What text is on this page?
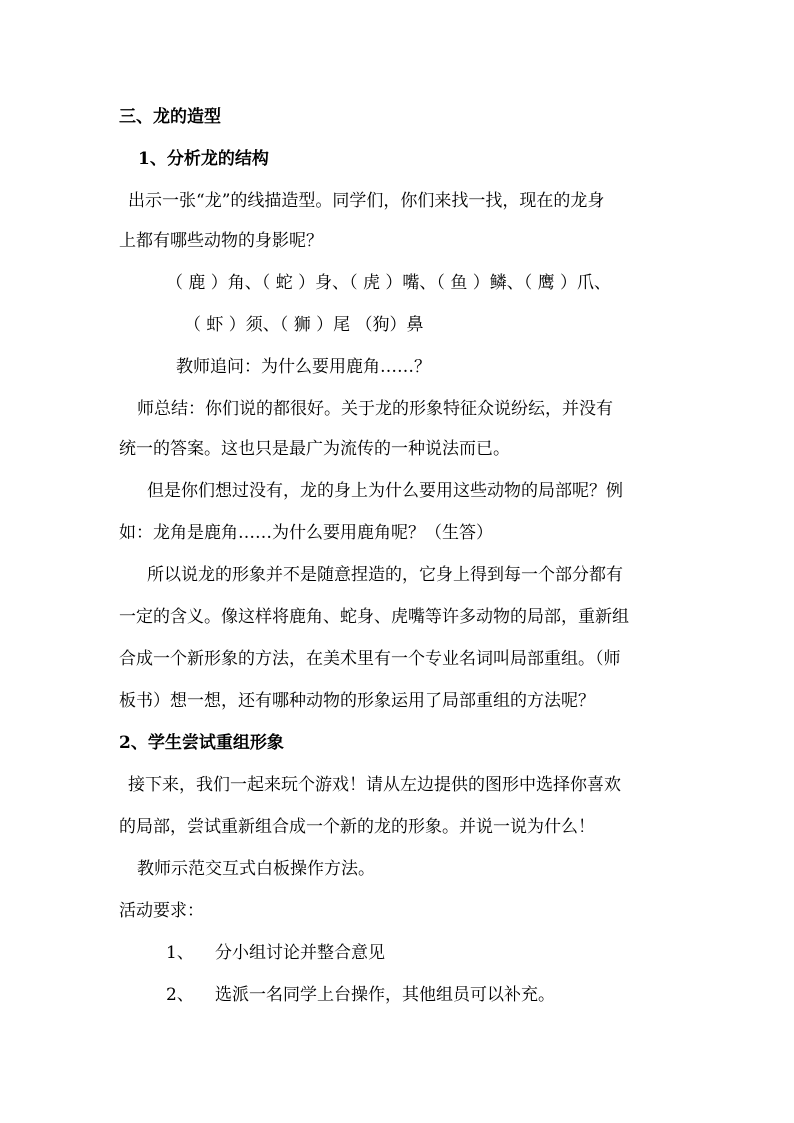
三、龙的造型
1、分析龙的结构
出示一张“龙”的线描造型。同学们，你们来找一找，现在的龙身
上都有哪些动物的身影呢？
（ 鹿 ）角、（ 蛇 ）身、（ 虎 ）嘴、（ 鱼 ）鳞、（ 鹰 ）爪、
（ 虾 ）须、（ 狮 ）尾 （狗）鼻
教师追问：为什么要用鹿角……？
师总结：你们说的都很好。关于龙的形象特征众说纷纭，并没有
统一的答案。这也只是最广为流传的一种说法而已。
但是你们想过没有，龙的身上为什么要用这些动物的局部呢？例
如：龙角是鹿角……为什么要用鹿角呢？（生答）
所以说龙的形象并不是随意捏造的，它身上得到每一个部分都有
一定的含义。像这样将鹿角、蛇身、虎嘴等许多动物的局部，重新组
合成一个新形象的方法，在美术里有一个专业名词叫局部重组。（师
板书）想一想，还有哪种动物的形象运用了局部重组的方法呢？
2、学生尝试重组形象
接下来，我们一起来玩个游戏！请从左边提供的图形中选择你喜欢
的局部，尝试重新组合成一个新的龙的形象。并说一说为什么！
教师示范交互式白板操作方法。
活动要求：
1、 分小组讨论并整合意见
2、 选派一名同学上台操作，其他组员可以补充。
